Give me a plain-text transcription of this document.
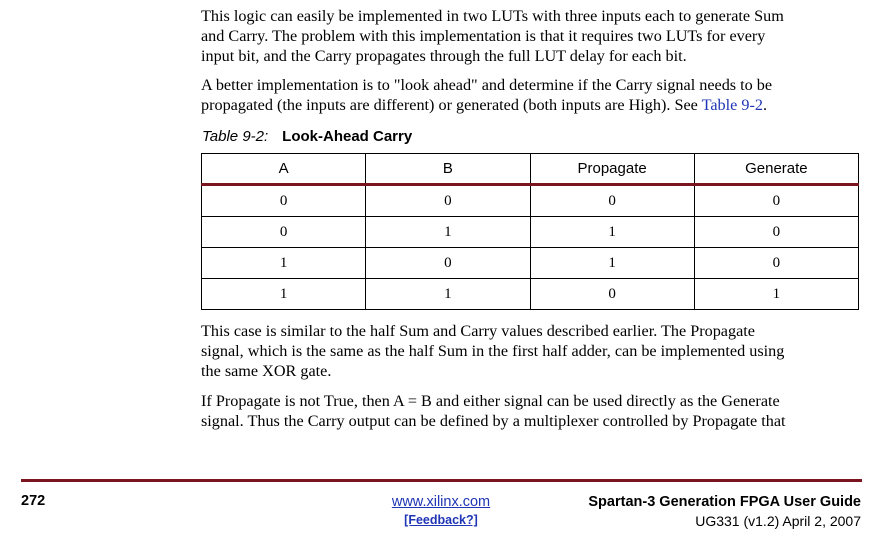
This logic can easily be implemented in two LUTs with three inputs each to generate Sum
and Carry. The problem with this implementation is that it requires two LUTs for every
input bit, and the Carry propagates through the full LUT delay for each bit.

A better implementation is to "look ahead" and determine if the Carry signal needs to be
propagated (the inputs are different) or generated (both inputs are High). See Table 9-2.

Table 9-2: Look-Ahead Carry
A	B	Propagate	Generate
0	0	0	0
0	1	1	0
1	0	1	0
1	1	0	1

This case is similar to the half Sum and Carry values described earlier. The Propagate
signal, which is the same as the half Sum in the first half adder, can be implemented using
the same XOR gate.

If Propagate is not True, then A = B and either signal can be used directly as the Generate
signal. Thus the Carry output can be defined by a multiplexer controlled by Propagate that

272	www.xilinx.com
[Feedback?]
Spartan-3 Generation FPGA User Guide
UG331 (v1.2) April 2, 2007
